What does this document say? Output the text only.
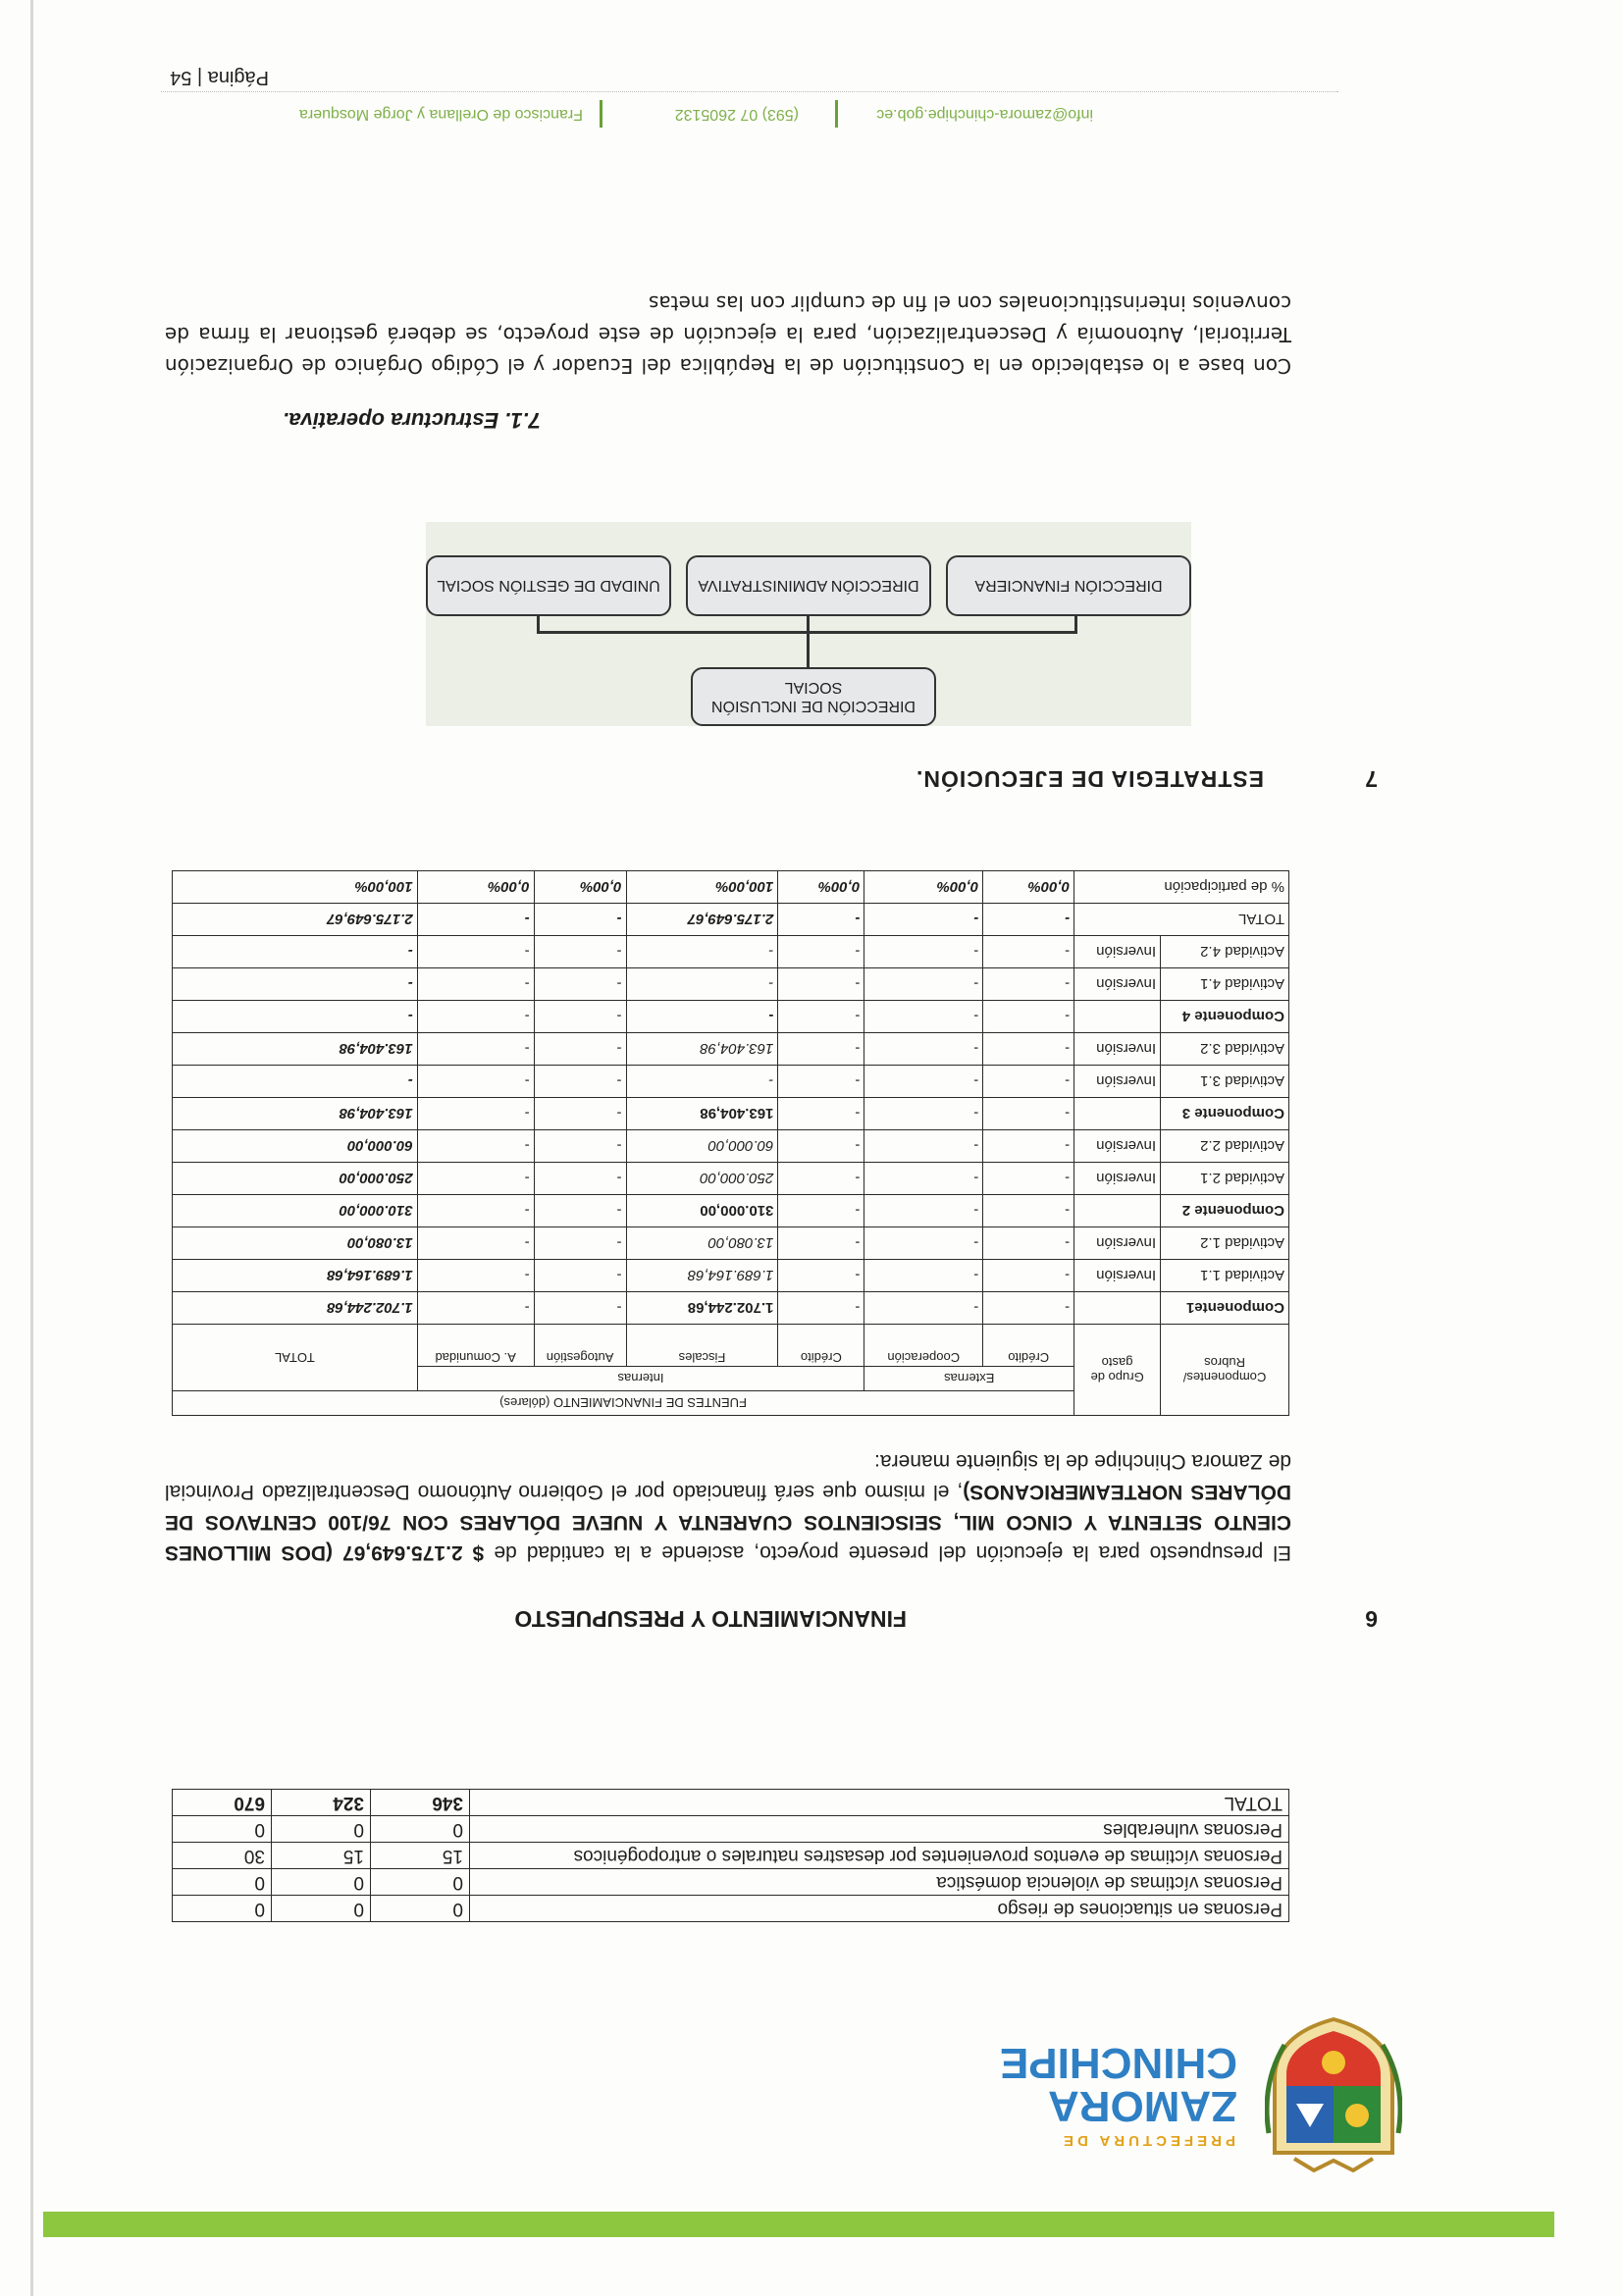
PREFECTURA DE
ZAMORA
CHINCHIPE
Personas en situaciones de riesgo	0	0	0
Personas víctimas de violencia doméstica	0	0	0
Personas víctimas de eventos provenientes por desastres naturales o antropogénicos	15	15	30
Personas vulnerables	0	0	0
TOTAL	346	324	670
6
FINANCIAMIENTO Y PRESUPUESTO
El presupuesto para la ejecución del presente proyecto, asciende a la cantidad de $ 2.175.649,67 (DOS MILLONES CIENTO SETENTA Y CINCO MIL, SEISCIENTOS CUARENTA Y NUEVE DÓLARES CON 76/100 CENTAVOS DE DÓLARES NORTEAMERICANOS), el mismo que será financiado por el Gobierno Autónomo Descentralizado Provincial de Zamora Chinchipe de la siguiente manera:
Componentes/ Rubros	Grupo de gasto	FUENTES DE FINANCIAMIENTO (dólares)						
		Externas		Internas				TOTAL
		Crédito	Cooperación	Crédito	Fiscales	Autogestión	A. Comunidad	
Componente1		-	-	-	1.702.244,68	-	-	1.702.244,68
Actividad 1.1	Inversión	-	-	-	1.689.164,68	-	-	1.689.164,68
Actividad 1.2	Inversión	-	-	-	13.080,00	-	-	13.080,00
Componente 2		-	-	-	310.000,00	-	-	310.000,00
Actividad 2.1	Inversión	-	-	-	250.000,00	-	-	250.000,00
Actividad 2.2	Inversión	-	-	-	60.000,00	-	-	60.000,00
Componente 3		-	-	-	163.404,98	-	-	163.404,98
Actividad 3.1	Inversión	-	-	-	-	-	-	-
Actividad 3.2	Inversión	-	-	-	163.404,98	-	-	163.404,98
Componente 4		-	-	-	-	-	-	-
Actividad 4.1	Inversión	-	-	-	-	-	-	-
Actividad 4.2	Inversión	-	-	-	-	-	-	-
TOTAL		-	-	-	2.175.649,67	-	-	2.175.649,67
% de participación		0,00%	0,00%	0,00%	100,00%	0,00%	0,00%	100,00%
7
ESTRATEGIA DE EJECUCIÓN.
DIRECCIÓN DE INCLUSIÓN SOCIAL
DIRECCIÓN FINANCIERA
DIRECCIÓN ADMINISTRATIVA
UNIDAD DE GESTIÓN SOCIAL
7.1. Estructura operativa.
Con base a lo establecido en la Constitución de la República del Ecuador y el Código Orgánico de Organización Territorial, Autonomía y Descentralización, para la ejecución de este proyecto, se deberá gestionar la firma de convenios interinstitucionales con el fin de cumplir con las metas
Francisco de Orellana y Jorge Mosquera	(593) 07 2605132	info@zamora-chinchipe.gob.ec
Página | 54
